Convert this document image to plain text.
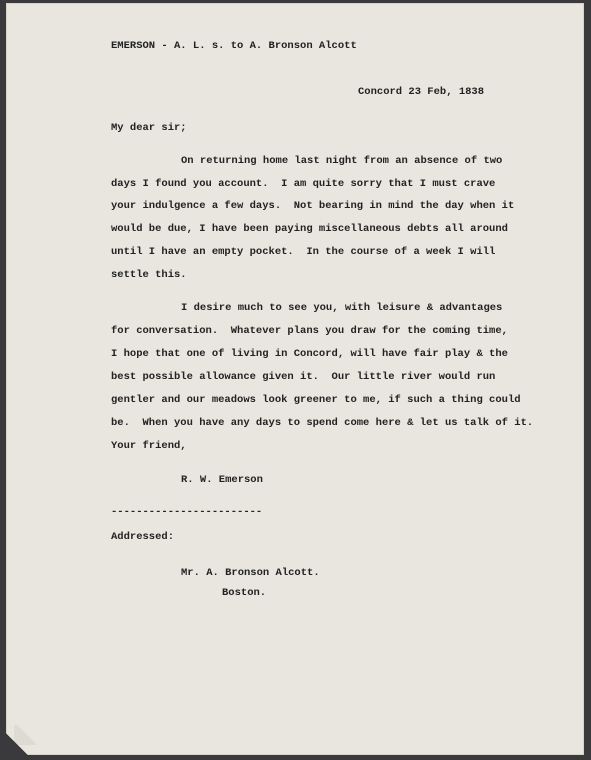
EMERSON - A. L. s. to A. Bronson Alcott
Concord 23 Feb, 1838
My dear sir;
On returning home last night from an absence of two
days I found you account.  I am quite sorry that I must crave
your indulgence a few days.  Not bearing in mind the day when it
would be due, I have been paying miscellaneous debts all around
until I have an empty pocket.  In the course of a week I will
settle this.
I desire much to see you, with leisure & advantages
for conversation.  Whatever plans you draw for the coming time,
I hope that one of living in Concord, will have fair play & the
best possible allowance given it.  Our little river would run
gentler and our meadows look greener to me, if such a thing could
be.  When you have any days to spend come here & let us talk of it.
Your friend,
R. W. Emerson
------------------------
Addressed:
Mr. A. Bronson Alcott.
Boston.
